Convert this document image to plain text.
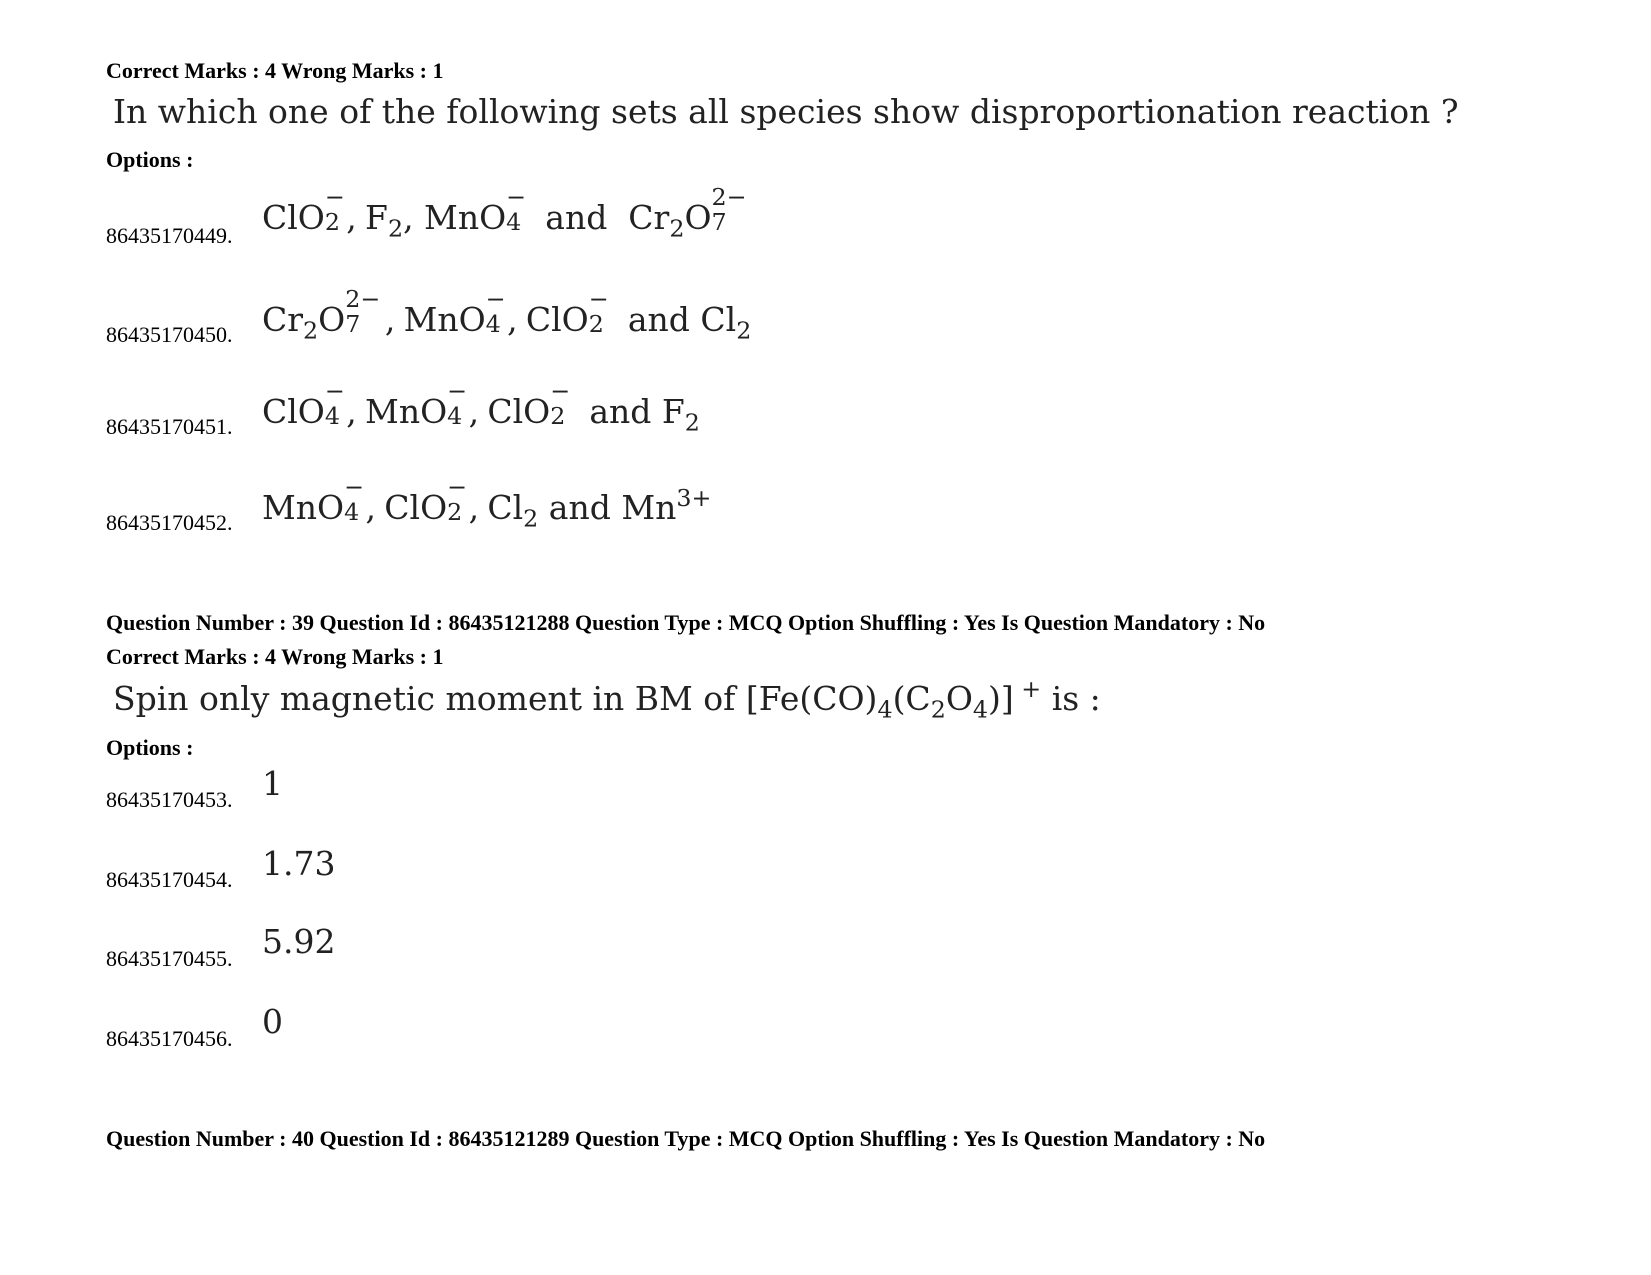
Correct Marks : 4 Wrong Marks : 1
In which one of the following sets all species show disproportionation reaction ?
Options :
86435170449. ClO
−
2 , $F_2$, MnO
−
4 and  $Cr_2O$
2−
7
86435170450. $Cr_2O$
2−
7 , MnO
−
4 , ClO
−
2 and $Cl_2$
86435170451. ClO
−
4 , MnO
−
4 , ClO
−
2 and $F_2$
86435170452. MnO
−
4 , ClO
−
2 , $Cl_2$ and $Mn^{3+}$
Question Number : 39 Question Id : 86435121288 Question Type : MCQ Option Shuffling : Yes Is Question Mandatory : No
Correct Marks : 4 Wrong Marks : 1
Spin only magnetic moment in BM of $[Fe(CO)_4(C_2O_4)]$ + is :
Options :
86435170453. 1
86435170454. 1.73
86435170455. 5.92
86435170456. 0
Question Number : 40 Question Id : 86435121289 Question Type : MCQ Option Shuffling : Yes Is Question Mandatory : No
